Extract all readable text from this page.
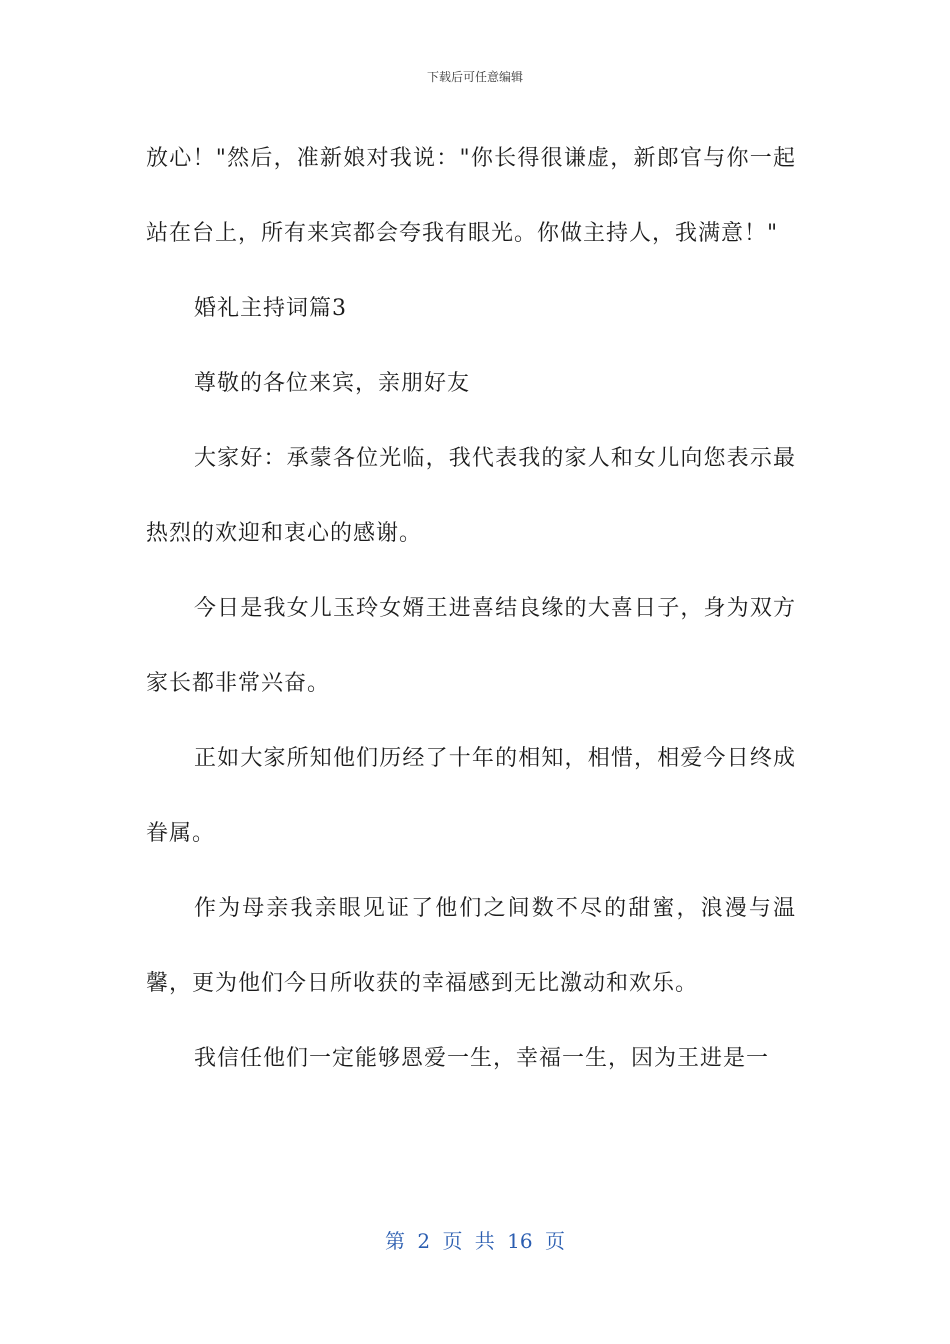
下载后可任意编辑

放心！"然后，准新娘对我说："你长得很谦虚，新郎官与你一起站在台上，所有来宾都会夸我有眼光。你做主持人，我满意！"

婚礼主持词篇3

尊敬的各位来宾，亲朋好友

大家好：承蒙各位光临，我代表我的家人和女儿向您表示最热烈的欢迎和衷心的感谢。

今日是我女儿玉玲女婿王进喜结良缘的大喜日子，身为双方家长都非常兴奋。

正如大家所知他们历经了十年的相知，相惜，相爱今日终成眷属。

作为母亲我亲眼见证了他们之间数不尽的甜蜜，浪漫与温馨，更为他们今日所收获的幸福感到无比激动和欢乐。

我信任他们一定能够恩爱一生，幸福一生，因为王进是一

第 2 页 共 16 页
